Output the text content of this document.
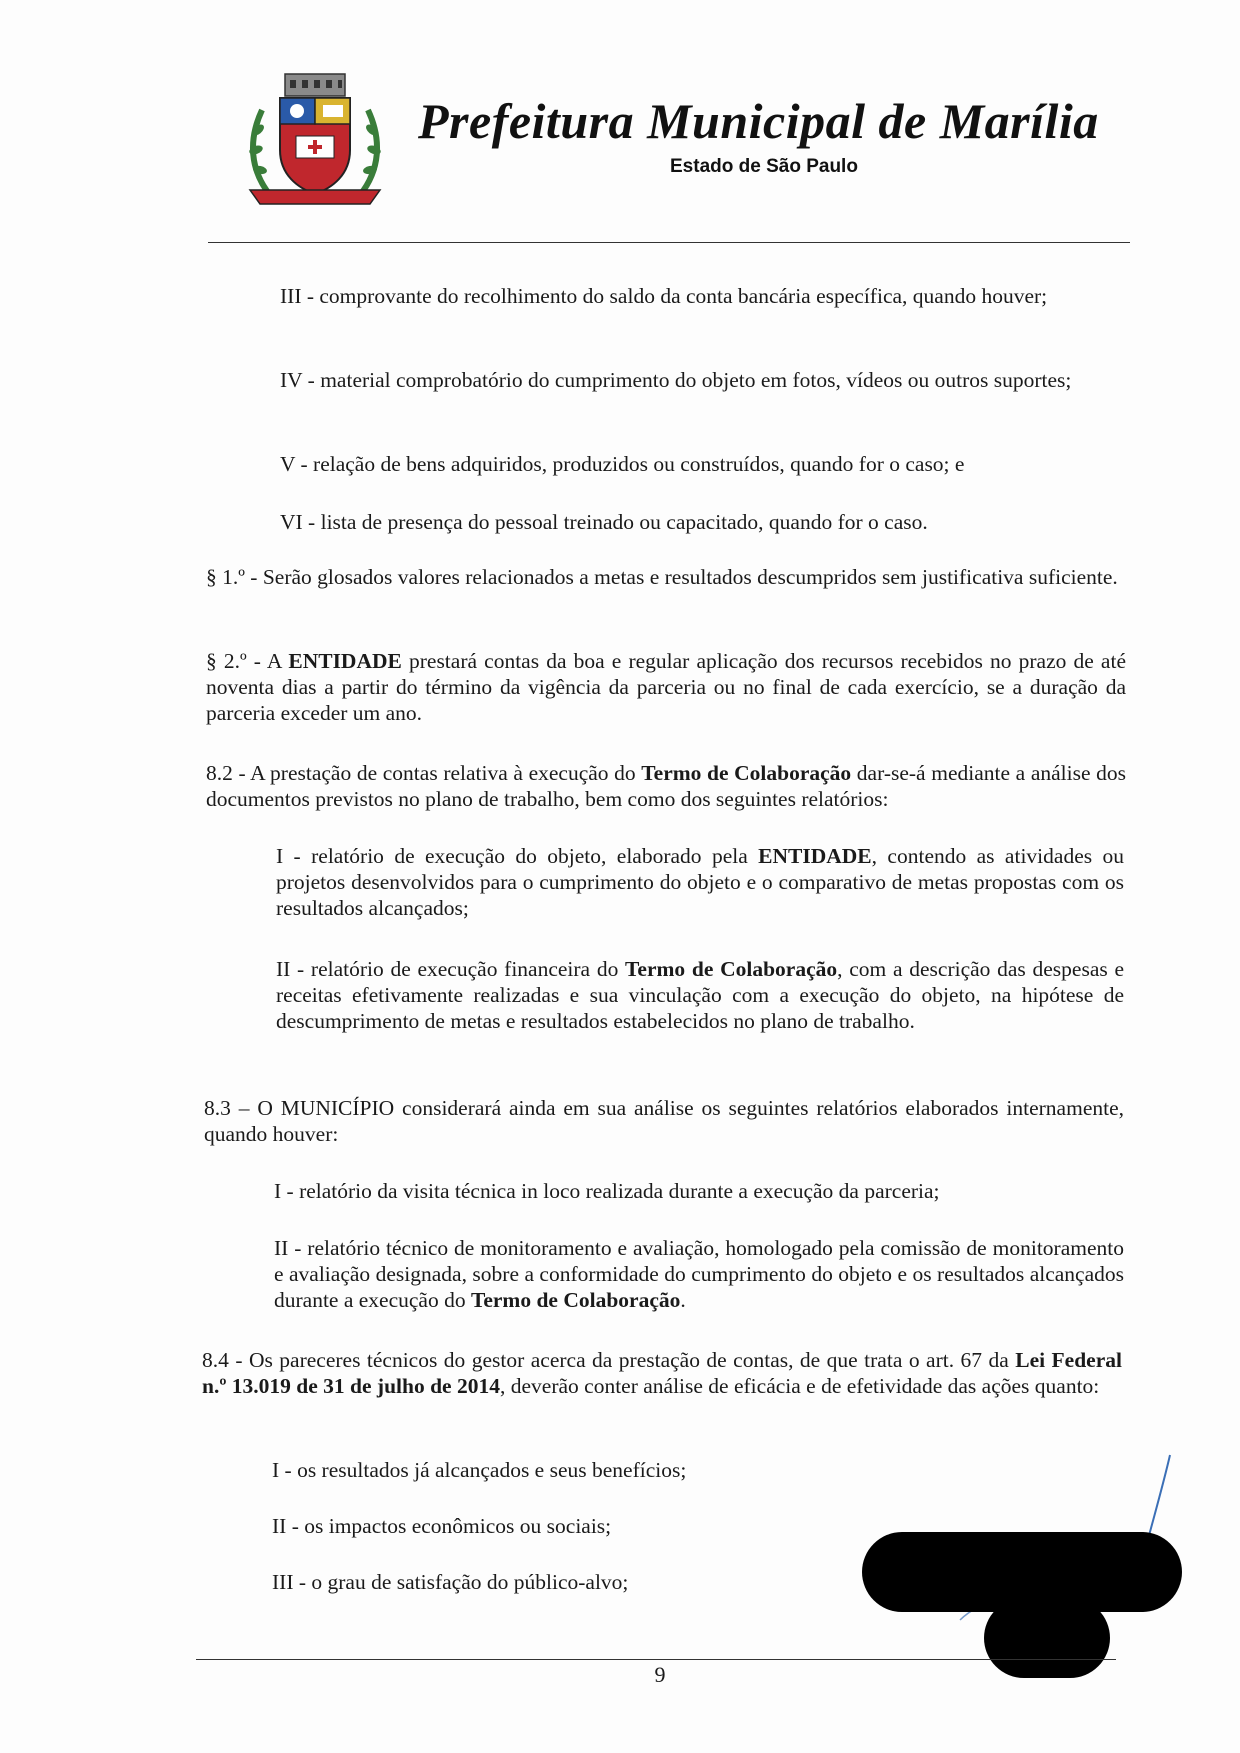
Prefeitura Municipal de Marília
Estado de São Paulo

III - comprovante do recolhimento do saldo da conta bancária específica, quando houver;

IV - material comprobatório do cumprimento do objeto em fotos, vídeos ou outros suportes;

V - relação de bens adquiridos, produzidos ou construídos, quando for o caso; e

VI - lista de presença do pessoal treinado ou capacitado, quando for o caso.

§ 1.º - Serão glosados valores relacionados a metas e resultados descumpridos sem justificativa suficiente.

§ 2.º - A ENTIDADE prestará contas da boa e regular aplicação dos recursos recebidos no prazo de até noventa dias a partir do término da vigência da parceria ou no final de cada exercício, se a duração da parceria exceder um ano.

8.2 - A prestação de contas relativa à execução do Termo de Colaboração dar-se-á mediante a análise dos documentos previstos no plano de trabalho, bem como dos seguintes relatórios:

I - relatório de execução do objeto, elaborado pela ENTIDADE, contendo as atividades ou projetos desenvolvidos para o cumprimento do objeto e o comparativo de metas propostas com os resultados alcançados;

II - relatório de execução financeira do Termo de Colaboração, com a descrição das despesas e receitas efetivamente realizadas e sua vinculação com a execução do objeto, na hipótese de descumprimento de metas e resultados estabelecidos no plano de trabalho.

8.3 – O MUNICÍPIO considerará ainda em sua análise os seguintes relatórios elaborados internamente, quando houver:

I - relatório da visita técnica in loco realizada durante a execução da parceria;

II - relatório técnico de monitoramento e avaliação, homologado pela comissão de monitoramento e avaliação designada, sobre a conformidade do cumprimento do objeto e os resultados alcançados durante a execução do Termo de Colaboração.

8.4 - Os pareceres técnicos do gestor acerca da prestação de contas, de que trata o art. 67 da Lei Federal n.º 13.019 de 31 de julho de 2014, deverão conter análise de eficácia e de efetividade das ações quanto:

I - os resultados já alcançados e seus benefícios;

II - os impactos econômicos ou sociais;

III - o grau de satisfação do público-alvo;

9
